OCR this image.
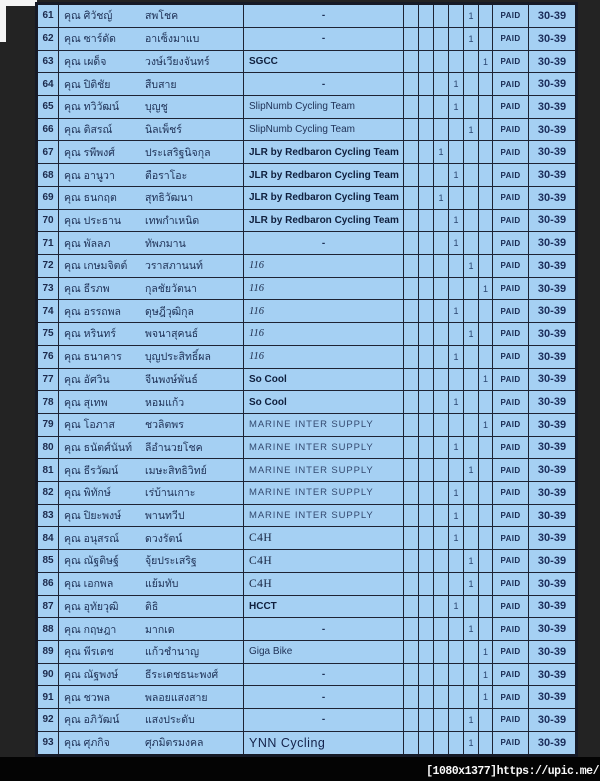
61	คุณ ศิวัชญ์ สพโชค	-					1		PAID	30-39
62	คุณ ซาร์ดัด อาเซ็งมาแบ	-					1		PAID	30-39
63	คุณ เผด็จ วงษ์เวียงจันทร์	SGCC						1	PAID	30-39
64	คุณ ปิติชัย สืบสาย	-				1			PAID	30-39
65	คุณ ทวิวัฒน์ บุญชู	SlipNumb Cycling Team				1			PAID	30-39
66	คุณ ติสรณ์ นิลเพ็ชร์	SlipNumb Cycling Team					1		PAID	30-39
67	คุณ รพีพงศ์ ประเสริฐนิจกุล	JLR by Redbaron Cycling Team			1				PAID	30-39
68	คุณ อานูวา ตือราโอะ	JLR by Redbaron Cycling Team				1			PAID	30-39
69	คุณ ธนกฤต สุทธิวัฒนา	JLR by Redbaron Cycling Team			1				PAID	30-39
70	คุณ ประธาน เทพกำเหนิด	JLR by Redbaron Cycling Team				1			PAID	30-39
71	คุณ พัลลภ ทัพภมาน	-				1			PAID	30-39
72	คุณ เกษมจิตต์ วราสภานนท์	116					1		PAID	30-39
73	คุณ ธีรภพ กุลชัยวัตนา	116						1	PAID	30-39
74	คุณ อรรถพล ดุษฎีวุฒิกุล	116				1			PAID	30-39
75	คุณ หรินทร์ พจนาสุคนธ์	116					1		PAID	30-39
76	คุณ ธนาคาร บุญประสิทธิ์ผล	116				1			PAID	30-39
77	คุณ อัศวิน จีนพงษ์พันธ์	So Cool						1	PAID	30-39
78	คุณ สุเทพ หอมแก้ว	So Cool				1			PAID	30-39
79	คุณ โอภาส ชวลิตพร	MARINE INTER SUPPLY						1	PAID	30-39
80	คุณ ธนัตศ์นันท์ ลีอำนวยโชค	MARINE INTER SUPPLY				1			PAID	30-39
81	คุณ ธีรวัฒน์ เมษะสิทธิวิทย์	MARINE INTER SUPPLY					1		PAID	30-39
82	คุณ พิทักษ์ เร่บ้านเกาะ	MARINE INTER SUPPLY				1			PAID	30-39
83	คุณ ปิยะพงษ์ พานทวีป	MARINE INTER SUPPLY				1			PAID	30-39
84	คุณ อนุสรณ์ ดวงรัตน์	C4H				1			PAID	30-39
85	คุณ ณัฐติษฐ์ จุ้ยประเสริฐ	C4H					1		PAID	30-39
86	คุณ เอกพล แย้มทับ	C4H					1		PAID	30-39
87	คุณ อุทัยวุฒิ ติธิ	HCCT				1			PAID	30-39
88	คุณ กฤษฎา มากเด	-					1		PAID	30-39
89	คุณ พีรเดช แก้วชำนาญ	Giga Bike						1	PAID	30-39
90	คุณ ณัฐพงษ์ ธีระเดชธนะพงศ์	-						1	PAID	30-39
91	คุณ ชวพล พลอยแสงสาย	-						1	PAID	30-39
92	คุณ อภิวัฒน์ แสงประดับ	-					1		PAID	30-39
93	คุณ ศุภกิจ ศุภมิตรมงคล	YNN Cycling					1		PAID	30-39
[1080x1377]https://upic.me/
